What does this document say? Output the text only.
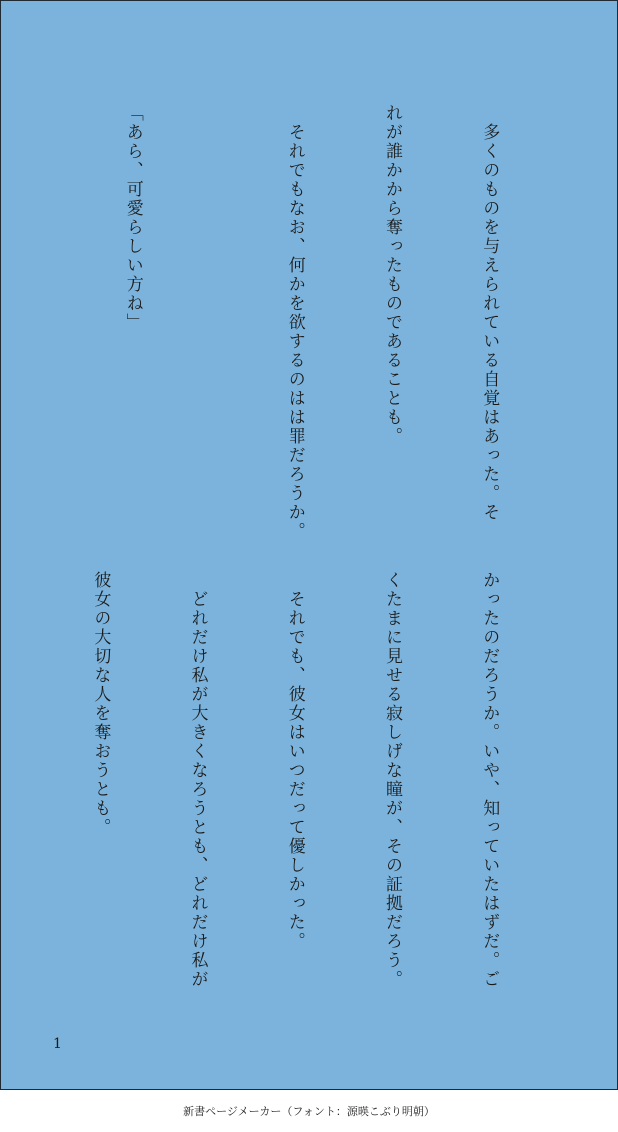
　多くのものを与えられている自覚はあった。そ

れが誰かから奪ったものであることも。

　それでもなお、何かを欲するのはは罪だろうか。

「あら、可愛らしい方ね」

かったのだろうか。いや、知っていたはずだ。ご

くたまに見せる寂しげな瞳が、その証拠だろう。

　それでも、彼女はいつだって優しかった。

　どれだけ私が大きくなろうとも、どれだけ私が

彼女の大切な人を奪おうとも。

1
新書ページメーカー（フォント：源暎こぶり明朝）
